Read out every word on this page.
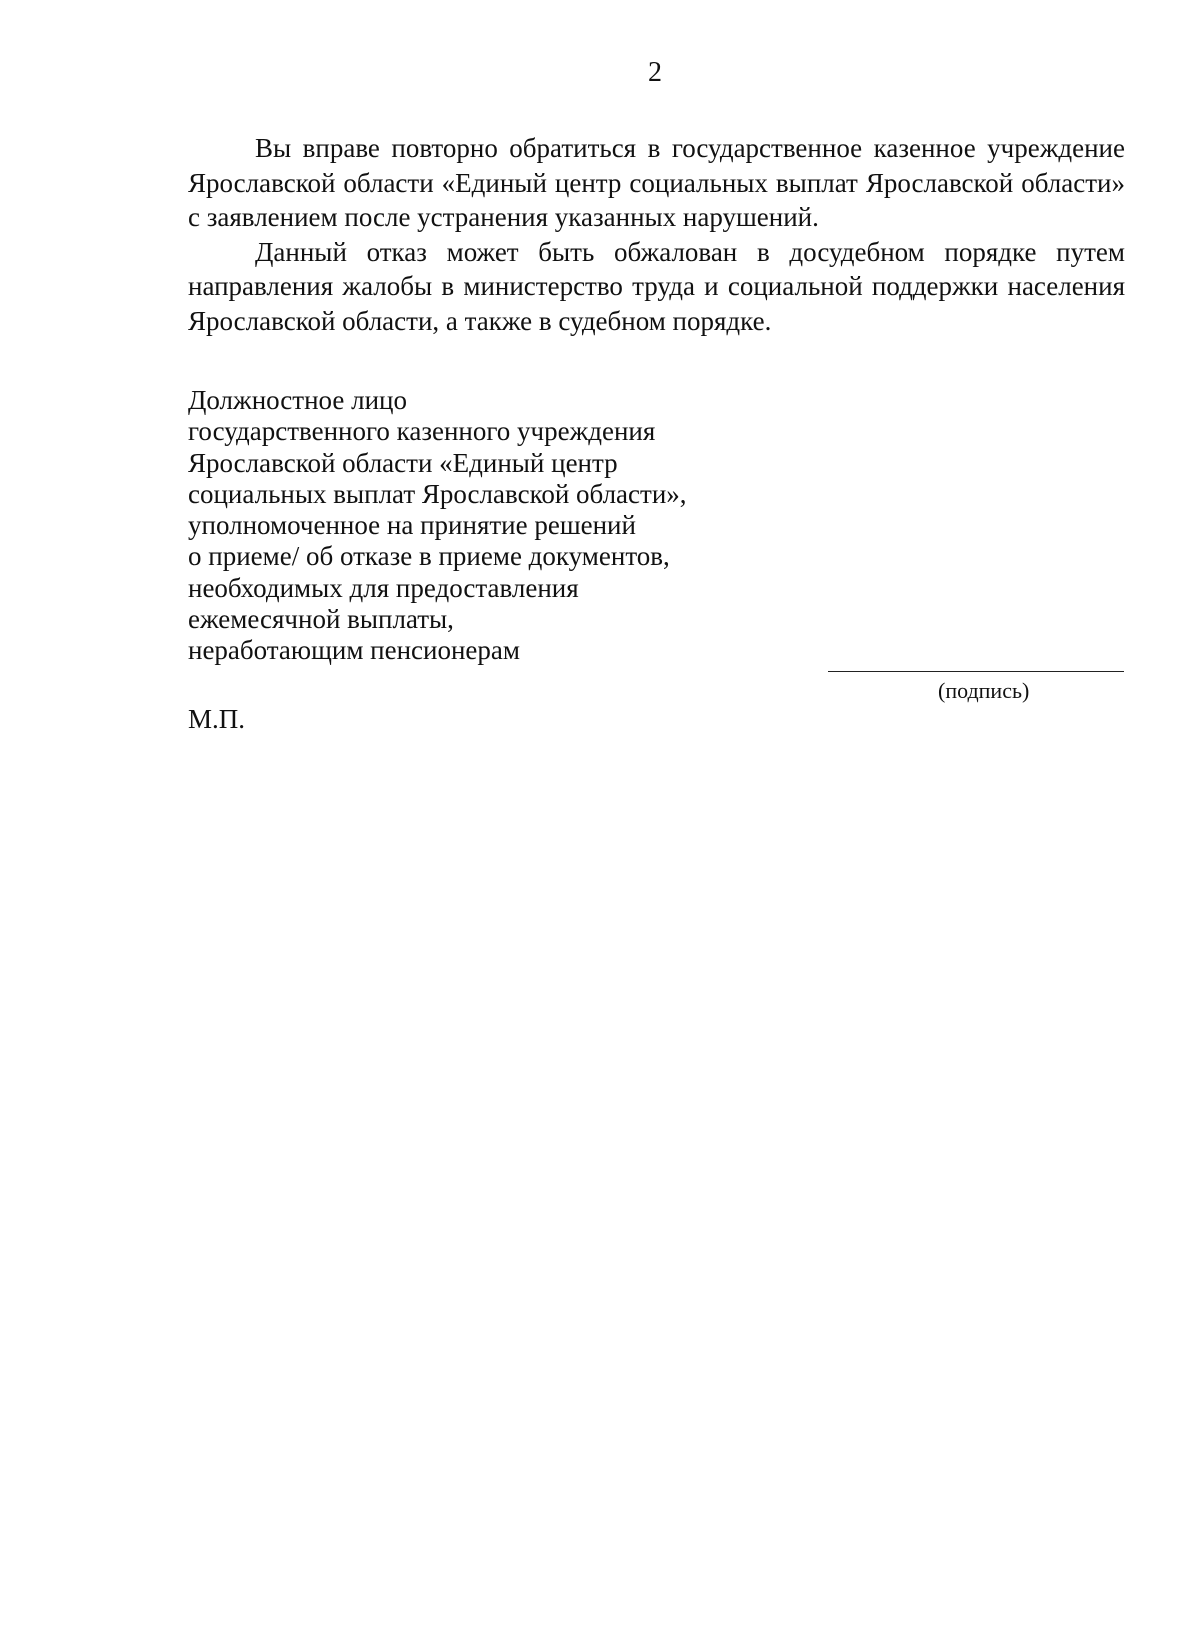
2

Вы вправе повторно обратиться в государственное казенное учреждение Ярославской области «Единый центр социальных выплат Ярославской области» с заявлением после устранения указанных нарушений.

Данный отказ может быть обжалован в досудебном порядке путем направления жалобы в министерство труда и социальной поддержки населения Ярославской области, а также в судебном порядке.

Должностное лицо
государственного казенного учреждения
Ярославской области «Единый центр
социальных выплат Ярославской области»,
уполномоченное на принятие решений
о приеме/ об отказе в приеме документов,
необходимых для предоставления
ежемесячной выплаты,
неработающим пенсионерам
(подпись)
М.П.
